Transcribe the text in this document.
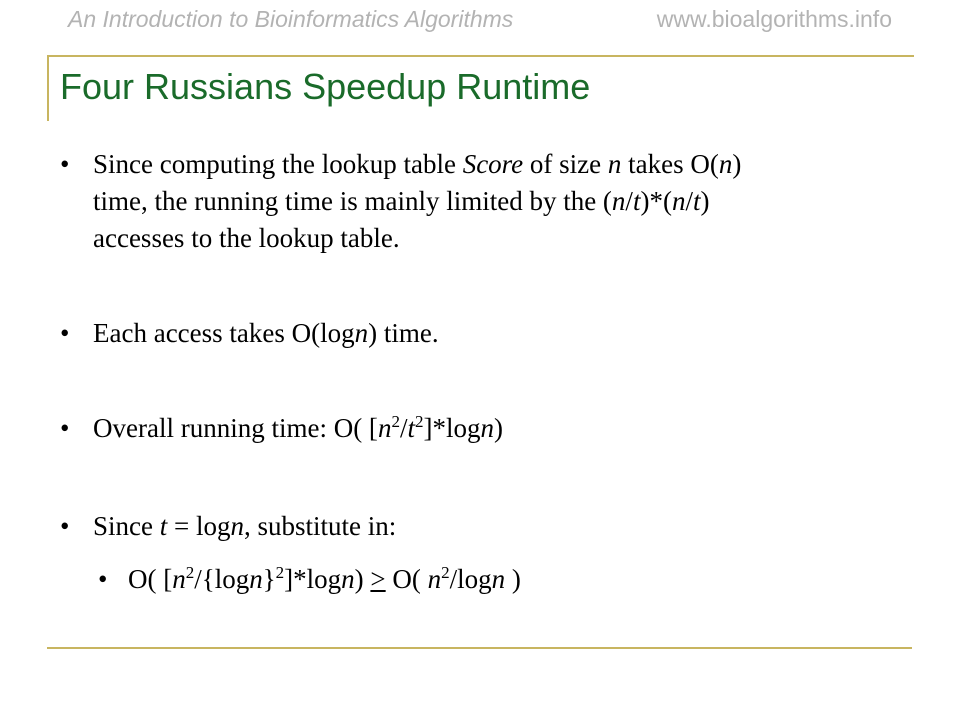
An Introduction to Bioinformatics Algorithms	www.bioalgorithms.info
Four Russians Speedup Runtime
• Since computing the lookup table Score of size n takes O(n)
time, the running time is mainly limited by the (n/t)*(n/t)
accesses to the lookup table.
• Each access takes O(logn) time.
• Overall running time: O( $[n^2/t^2]*\log n$)
• Since t = logn, substitute in:
• O( $[n^2/\{\log n\}^2]*\log n) \ge O$( $n^2$/logn )
